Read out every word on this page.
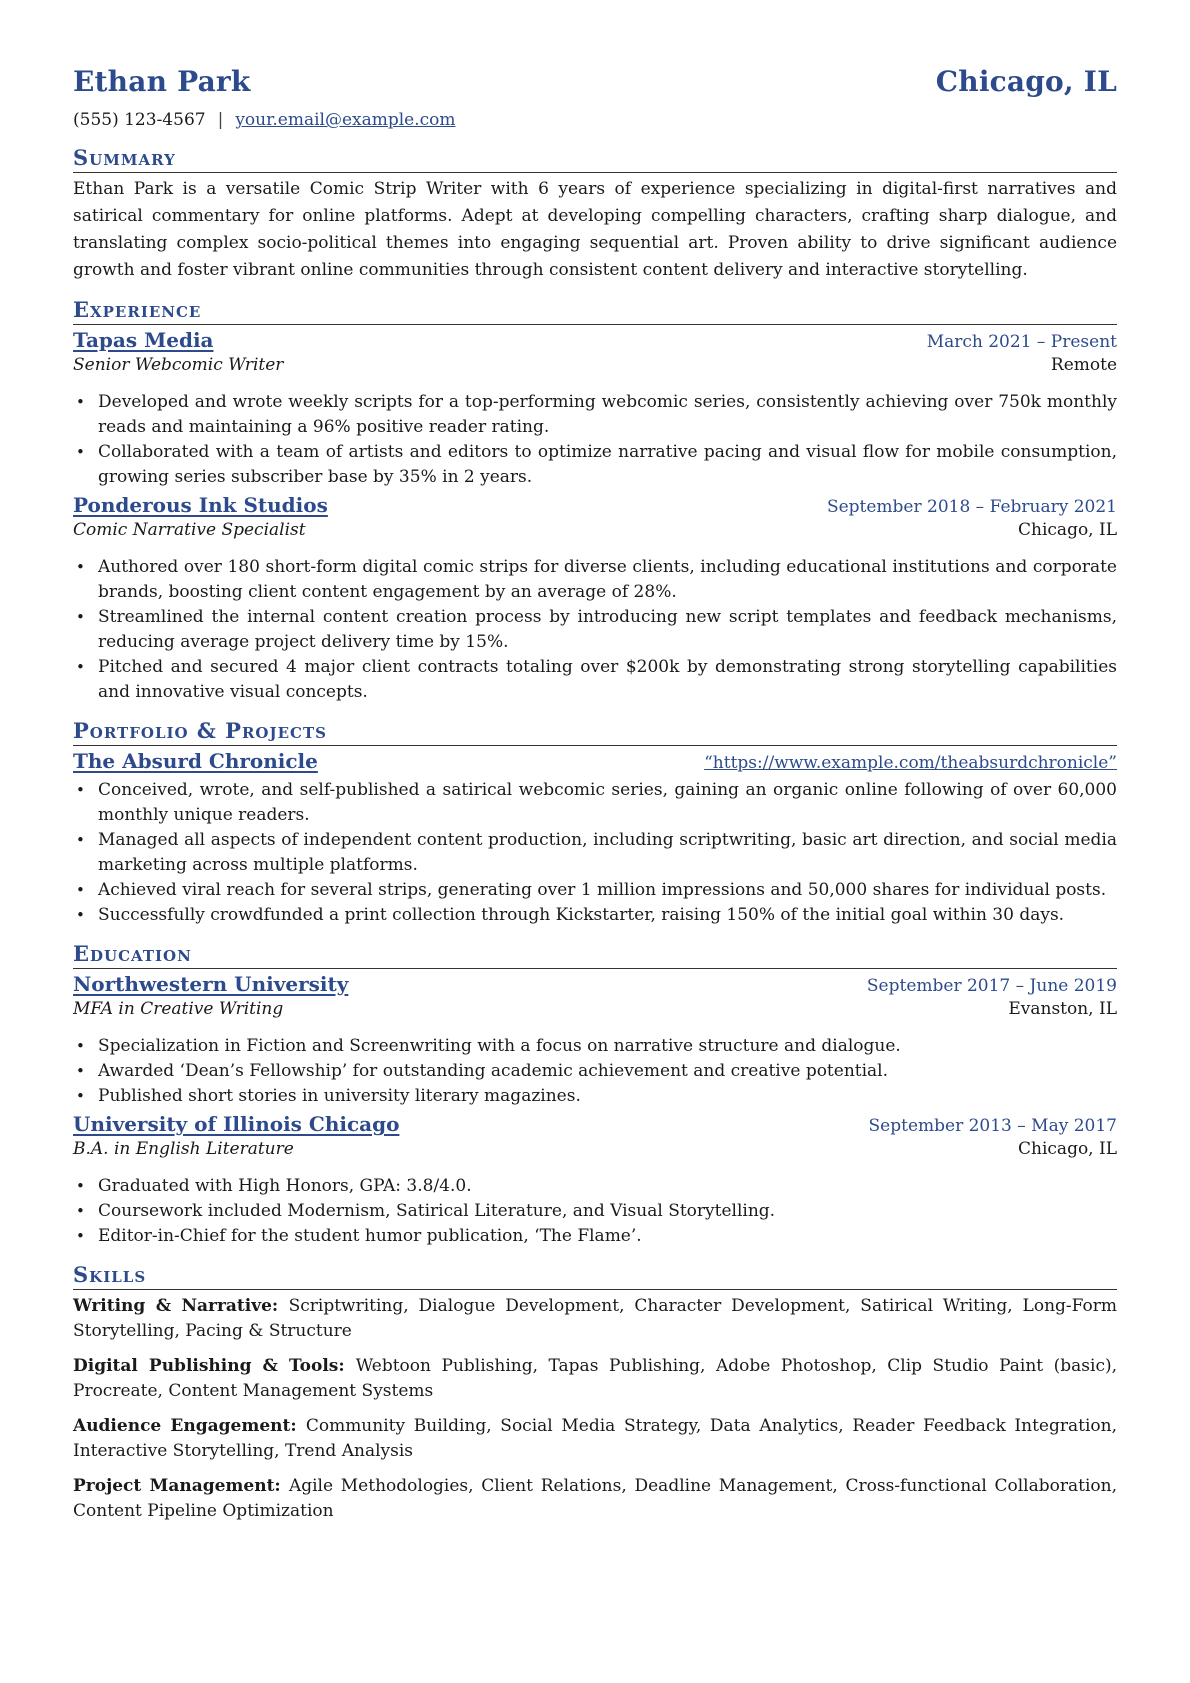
Ethan Park	Chicago, IL
(555) 123-4567 | your.email@example.com
Summary
Ethan Park is a versatile Comic Strip Writer with 6 years of experience specializing in digital-first narratives and satirical commentary for online platforms. Adept at developing compelling characters, crafting sharp dialogue, and translating complex socio-political themes into engaging sequential art. Proven ability to drive significant audience growth and foster vibrant online communities through consistent content delivery and interactive storytelling.
Experience
Tapas Media	March 2021 – Present
Senior Webcomic Writer	Remote
• Developed and wrote weekly scripts for a top-performing webcomic series, consistently achieving over 750k monthly reads and maintaining a 96% positive reader rating.
• Collaborated with a team of artists and editors to optimize narrative pacing and visual flow for mobile consumption, growing series subscriber base by 35% in 2 years.
Ponderous Ink Studios	September 2018 – February 2021
Comic Narrative Specialist	Chicago, IL
• Authored over 180 short-form digital comic strips for diverse clients, including educational institutions and corporate brands, boosting client content engagement by an average of 28%.
• Streamlined the internal content creation process by introducing new script templates and feedback mechanisms, reducing average project delivery time by 15%.
• Pitched and secured 4 major client contracts totaling over $200k by demonstrating strong storytelling capabilities and innovative visual concepts.
Portfolio & Projects
The Absurd Chronicle	“https://www.example.com/theabsurdchronicle”
• Conceived, wrote, and self-published a satirical webcomic series, gaining an organic online following of over 60,000 monthly unique readers.
• Managed all aspects of independent content production, including scriptwriting, basic art direction, and social media marketing across multiple platforms.
• Achieved viral reach for several strips, generating over 1 million impressions and 50,000 shares for individual posts.
• Successfully crowdfunded a print collection through Kickstarter, raising 150% of the initial goal within 30 days.
Education
Northwestern University	September 2017 – June 2019
MFA in Creative Writing	Evanston, IL
• Specialization in Fiction and Screenwriting with a focus on narrative structure and dialogue.
• Awarded ‘Dean’s Fellowship’ for outstanding academic achievement and creative potential.
• Published short stories in university literary magazines.
University of Illinois Chicago	September 2013 – May 2017
B.A. in English Literature	Chicago, IL
• Graduated with High Honors, GPA: 3.8/4.0.
• Coursework included Modernism, Satirical Literature, and Visual Storytelling.
• Editor-in-Chief for the student humor publication, ‘The Flame’.
Skills
Writing & Narrative: Scriptwriting, Dialogue Development, Character Development, Satirical Writing, Long-Form Storytelling, Pacing & Structure
Digital Publishing & Tools: Webtoon Publishing, Tapas Publishing, Adobe Photoshop, Clip Studio Paint (basic), Procreate, Content Management Systems
Audience Engagement: Community Building, Social Media Strategy, Data Analytics, Reader Feedback Integration, Interactive Storytelling, Trend Analysis
Project Management: Agile Methodologies, Client Relations, Deadline Management, Cross-functional Collaboration, Content Pipeline Optimization
